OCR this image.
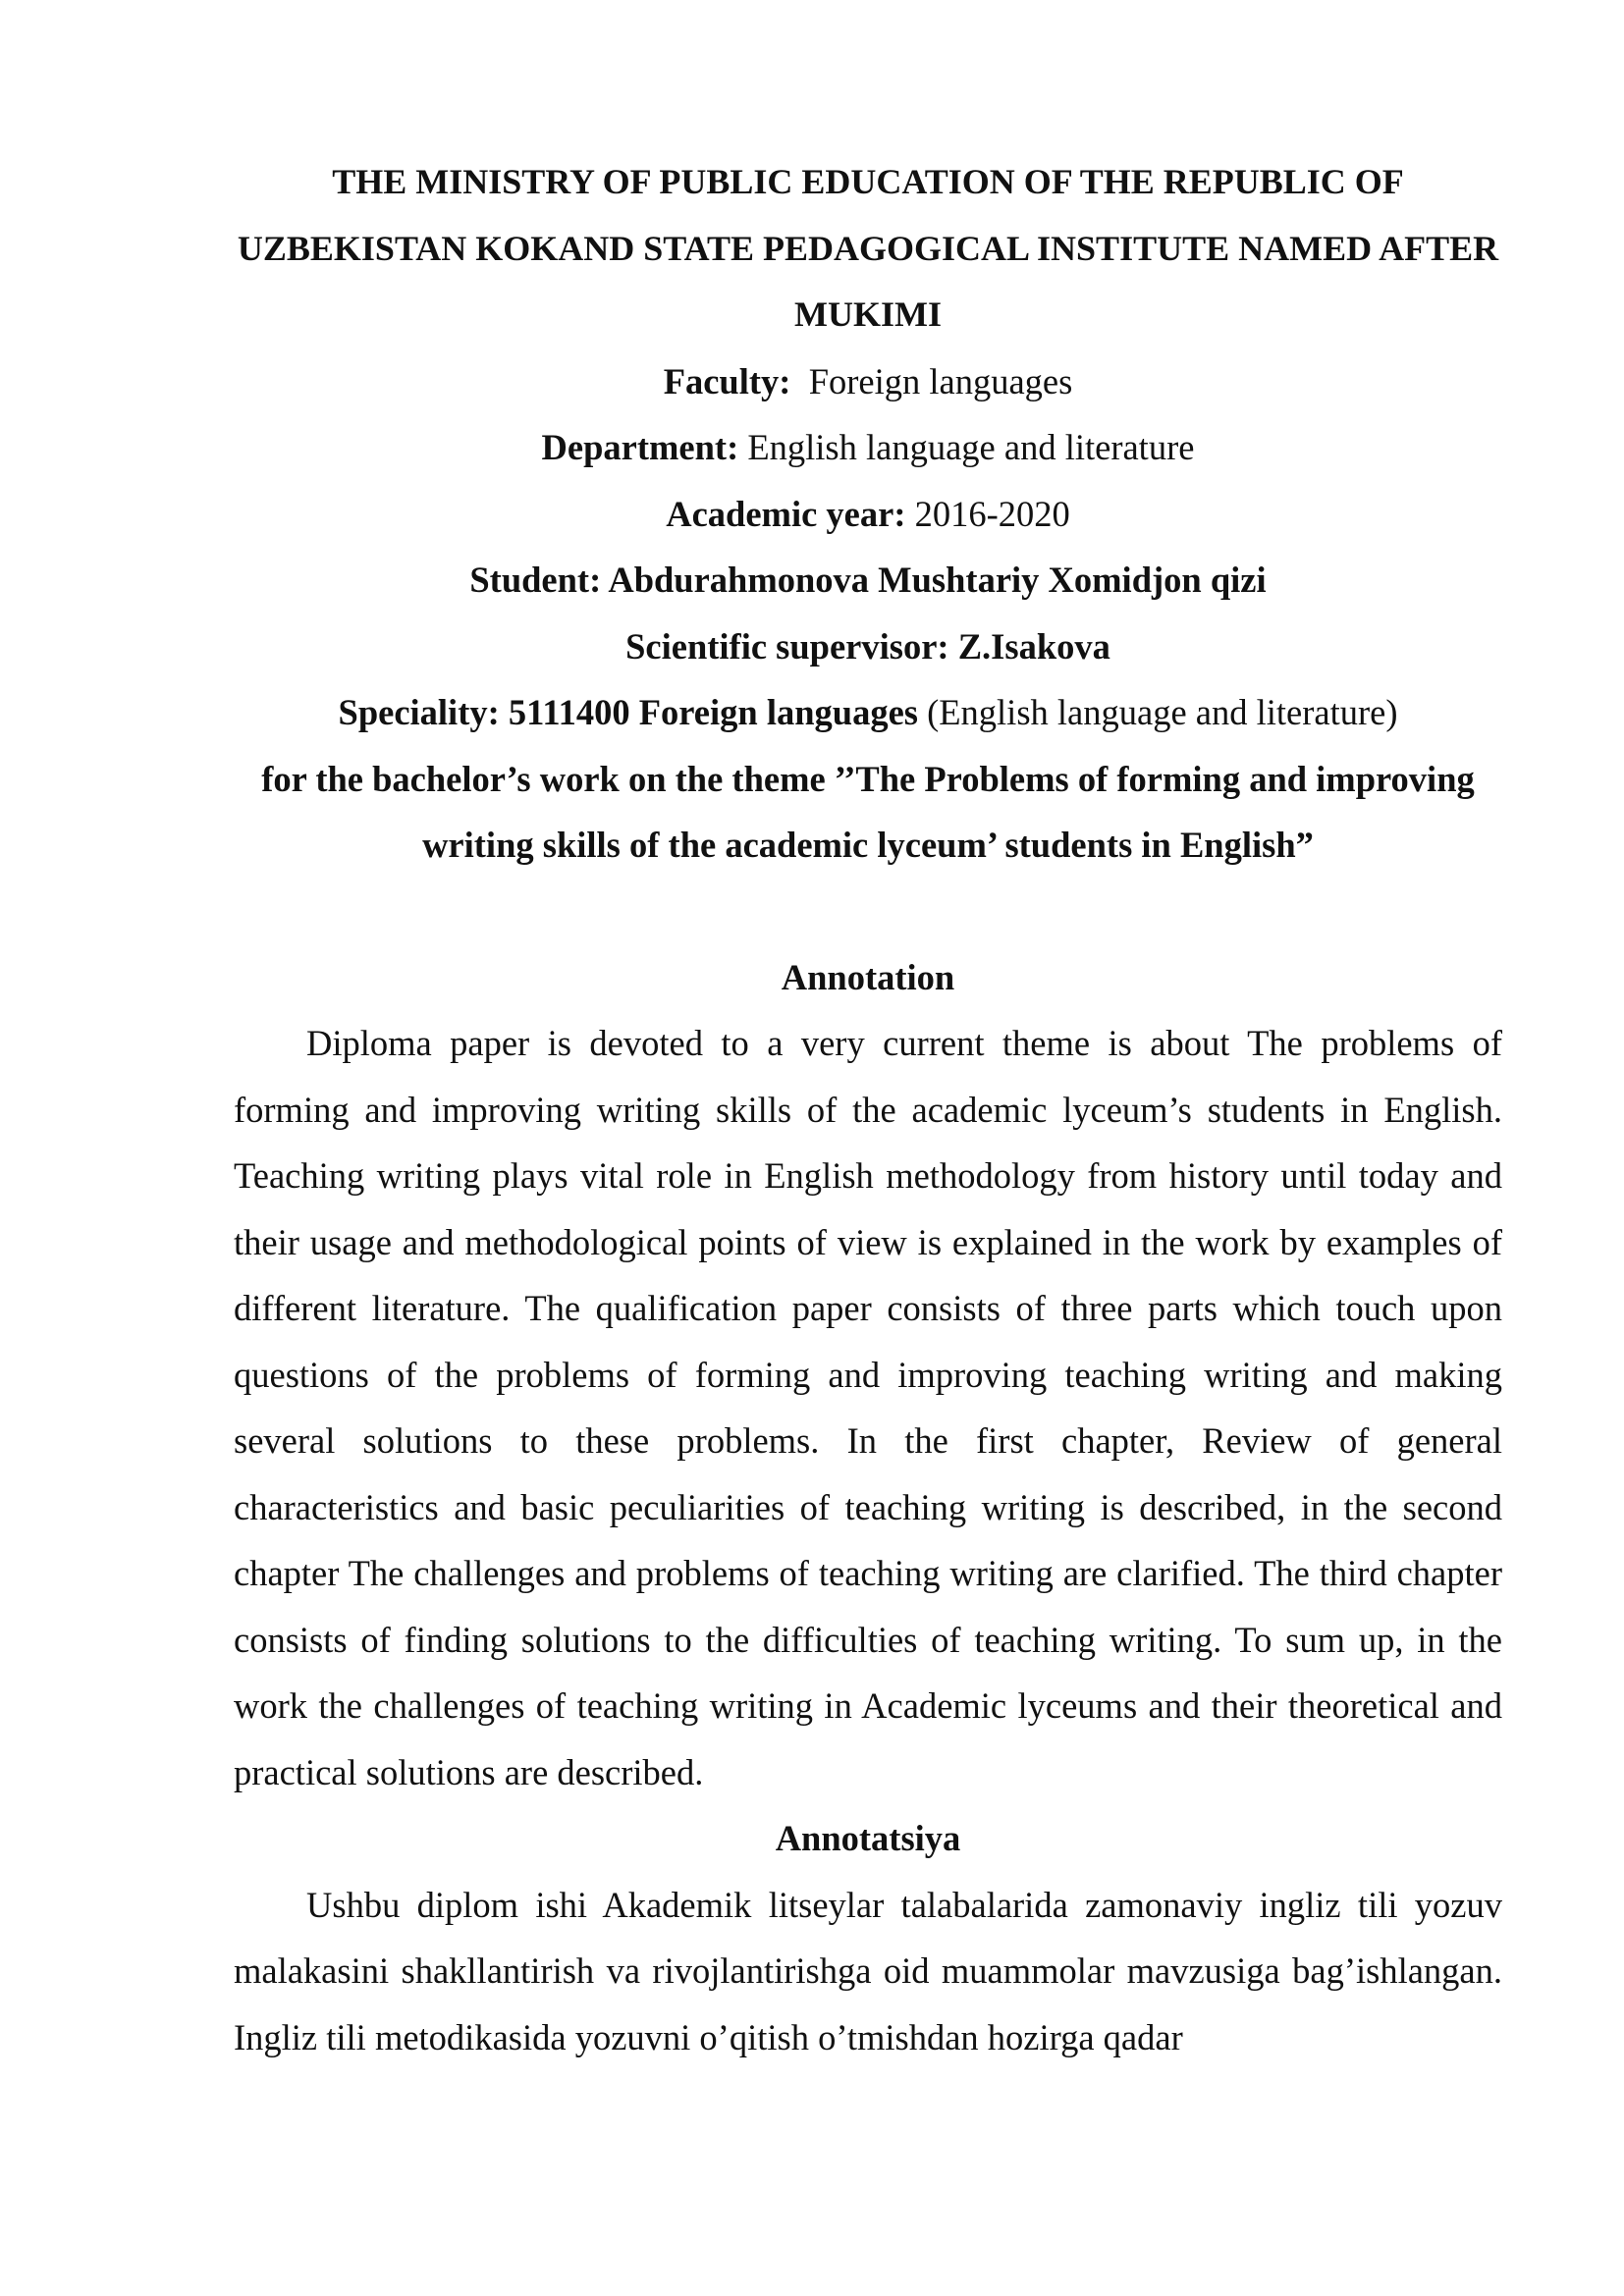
THE MINISTRY OF PUBLIC EDUCATION OF THE REPUBLIC OF UZBEKISTAN KOKAND STATE PEDAGOGICAL INSTITUTE NAMED AFTER MUKIMI

Faculty: Foreign languages

Department: English language and literature

Academic year: 2016-2020

Student: Abdurahmonova Mushtariy Xomidjon qizi

Scientific supervisor: Z.Isakova

Speciality: 5111400 Foreign languages (English language and literature)

for the bachelor’s work on the theme ’’The Problems of forming and improving writing skills of the academic lyceum’ students in English”

Annotation

Diploma paper is devoted to a very current theme is about The problems of forming and improving writing skills of the academic lyceum’s students in English. Teaching writing plays vital role in English methodology from history until today and their usage and methodological points of view is explained in the work by examples of different literature. The qualification paper consists of three parts which touch upon questions of the problems of forming and improving teaching writing and making several solutions to these problems. In the first chapter, Review of general characteristics and basic peculiarities of teaching writing is described, in the second chapter The challenges and problems of teaching writing are clarified. The third chapter consists of finding solutions to the difficulties of teaching writing. To sum up, in the work the challenges of teaching writing in Academic lyceums and their theoretical and practical solutions are described.

Annotatsiya

Ushbu diplom ishi Akademik litseylar talabalarida zamonaviy ingliz tili yozuv malakasini shakllantirish va rivojlantirishga oid muammolar mavzusiga bag’ishlangan. Ingliz tili metodikasida yozuvni o’qitish o’tmishdan hozirga qadar
